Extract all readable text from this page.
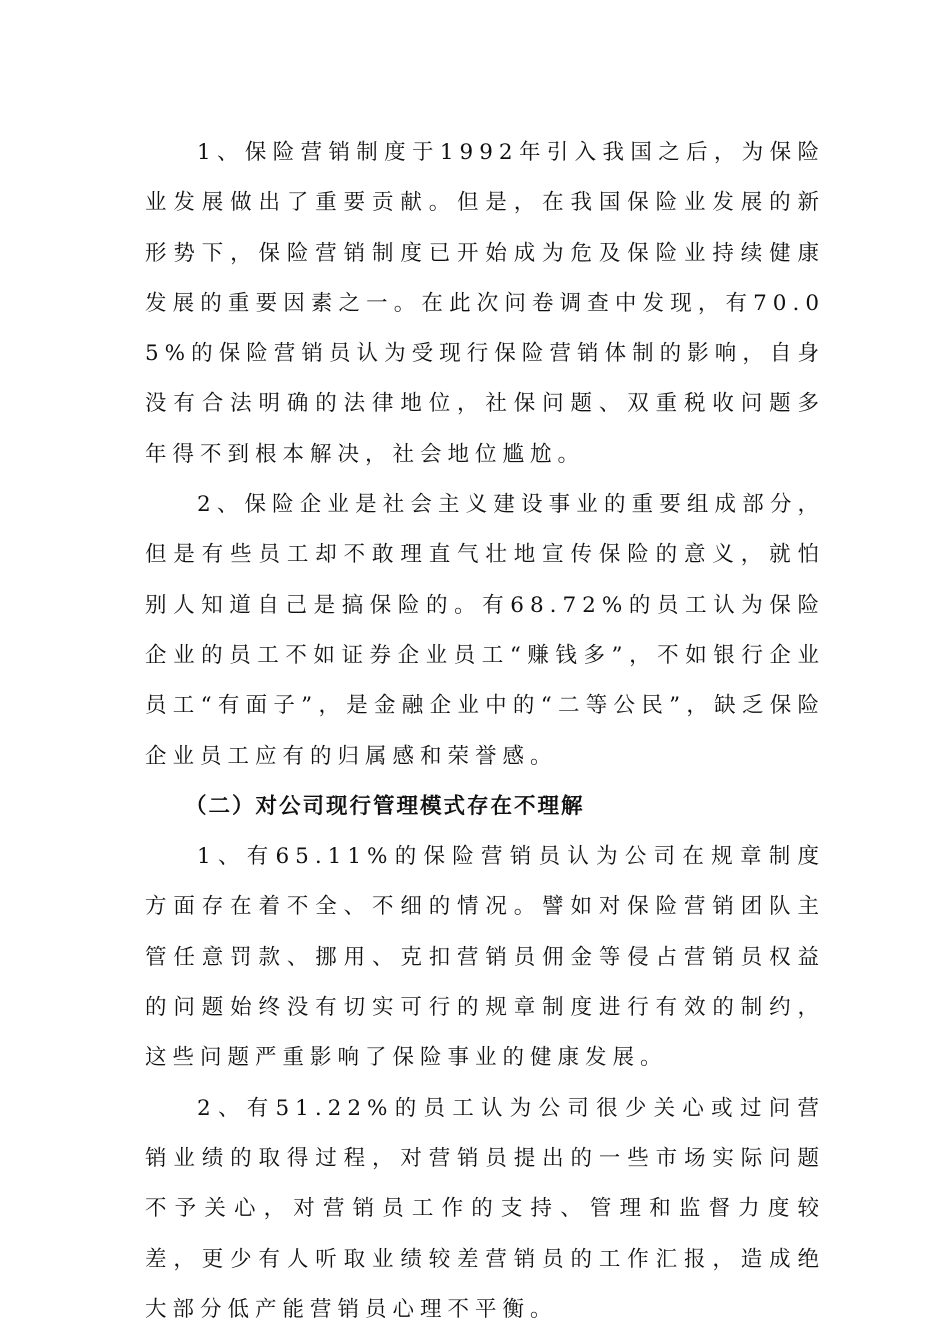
1、保险营销制度于1992年引入我国之后，为保险业发展做出了重要贡献。但是，在我国保险业发展的新形势下，保险营销制度已开始成为危及保险业持续健康发展的重要因素之一。在此次问卷调查中发现，有70.05%的保险营销员认为受现行保险营销体制的影响，自身没有合法明确的法律地位，社保问题、双重税收问题多年得不到根本解决，社会地位尴尬。

2、保险企业是社会主义建设事业的重要组成部分，但是有些员工却不敢理直气壮地宣传保险的意义，就怕别人知道自己是搞保险的。有68.72%的员工认为保险企业的员工不如证券企业员工“赚钱多”，不如银行企业员工“有面子”，是金融企业中的“二等公民”，缺乏保险企业员工应有的归属感和荣誉感。

（二）对公司现行管理模式存在不理解

1、有65.11%的保险营销员认为公司在规章制度方面存在着不全、不细的情况。譬如对保险营销团队主管任意罚款、挪用、克扣营销员佣金等侵占营销员权益的问题始终没有切实可行的规章制度进行有效的制约，这些问题严重影响了保险事业的健康发展。

2、有51.22%的员工认为公司很少关心或过问营销业绩的取得过程，对营销员提出的一些市场实际问题不予关心，对营销员工作的支持、管理和监督力度较差，更少有人听取业绩较差营销员的工作汇报，造成绝大部分低产能营销员心理不平衡。
